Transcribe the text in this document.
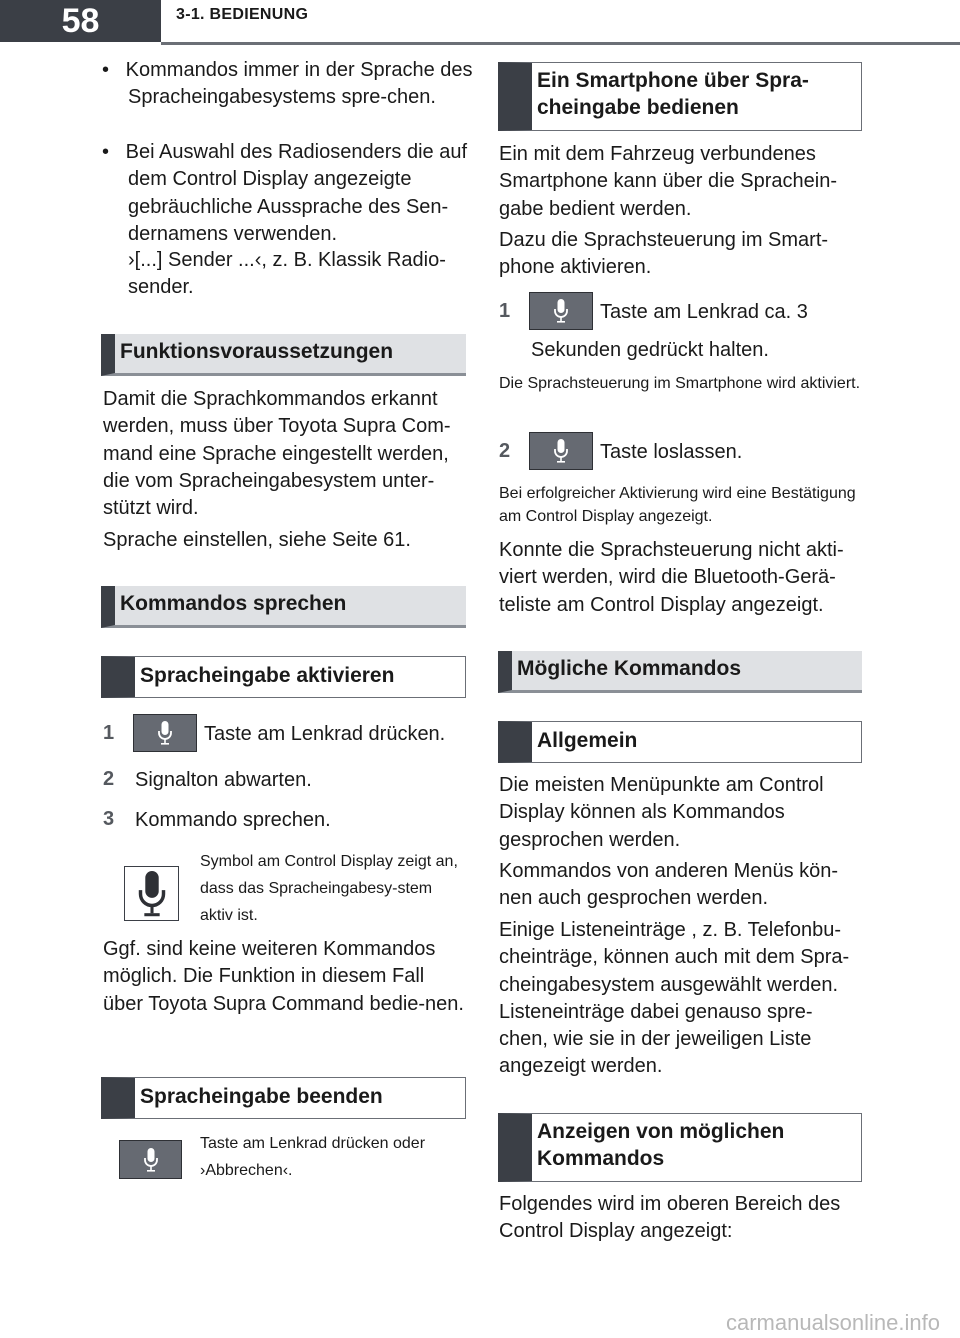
58	3-1. BEDIENUNG
•   Kommandos immer in der Sprache des Spracheingabesystems spre-chen.
•   Bei Auswahl des Radiosenders die auf dem Control Display angezeigte gebräuchliche Aussprache des Sen-dernamens verwenden.
›[...] Sender ...‹, z. B. Klassik Radio-sender.
Funktionsvoraussetzungen
Damit die Sprachkommandos erkannt werden, muss über Toyota Supra Com-mand eine Sprache eingestellt werden, die vom Spracheingabesystem unter-stützt wird.
Sprache einstellen, siehe Seite 61.
Kommandos sprechen
Spracheingabe aktivieren
1	Taste am Lenkrad drücken.
2 Signalton abwarten.
3 Kommando sprechen.
Symbol am Control Display zeigt an, dass das Spracheingabesy-stem aktiv ist.
Ggf. sind keine weiteren Kommandos möglich. Die Funktion in diesem Fall über Toyota Supra Command bedie-nen.
Spracheingabe beenden
Taste am Lenkrad drücken oder ›Abbrechen‹.
Ein Smartphone über Spra-cheingabe bedienen
Ein mit dem Fahrzeug verbundenes Smartphone kann über die Sprachein-gabe bedient werden.
Dazu die Sprachsteuerung im Smart-phone aktivieren.
1	Taste am Lenkrad ca. 3
Sekunden gedrückt halten.
Die Sprachsteuerung im Smartphone wird aktiviert.
2	Taste loslassen.
Bei erfolgreicher Aktivierung wird eine Bestätigung am Control Display angezeigt.
Konnte die Sprachsteuerung nicht akti-viert werden, wird die Bluetooth-Gerä-teliste am Control Display angezeigt.
Mögliche Kommandos
Allgemein
Die meisten Menüpunkte am Control Display können als Kommandos gesprochen werden.
Kommandos von anderen Menüs kön-nen auch gesprochen werden.
Einige Listeneinträge , z. B. Telefonbu-cheinträge, können auch mit dem Spra-cheingabesystem ausgewählt werden. Listeneinträge dabei genauso spre-chen, wie sie in der jeweiligen Liste angezeigt werden.
Anzeigen von möglichen Kommandos
Folgendes wird im oberen Bereich des Control Display angezeigt:
carmanualsonline.info
